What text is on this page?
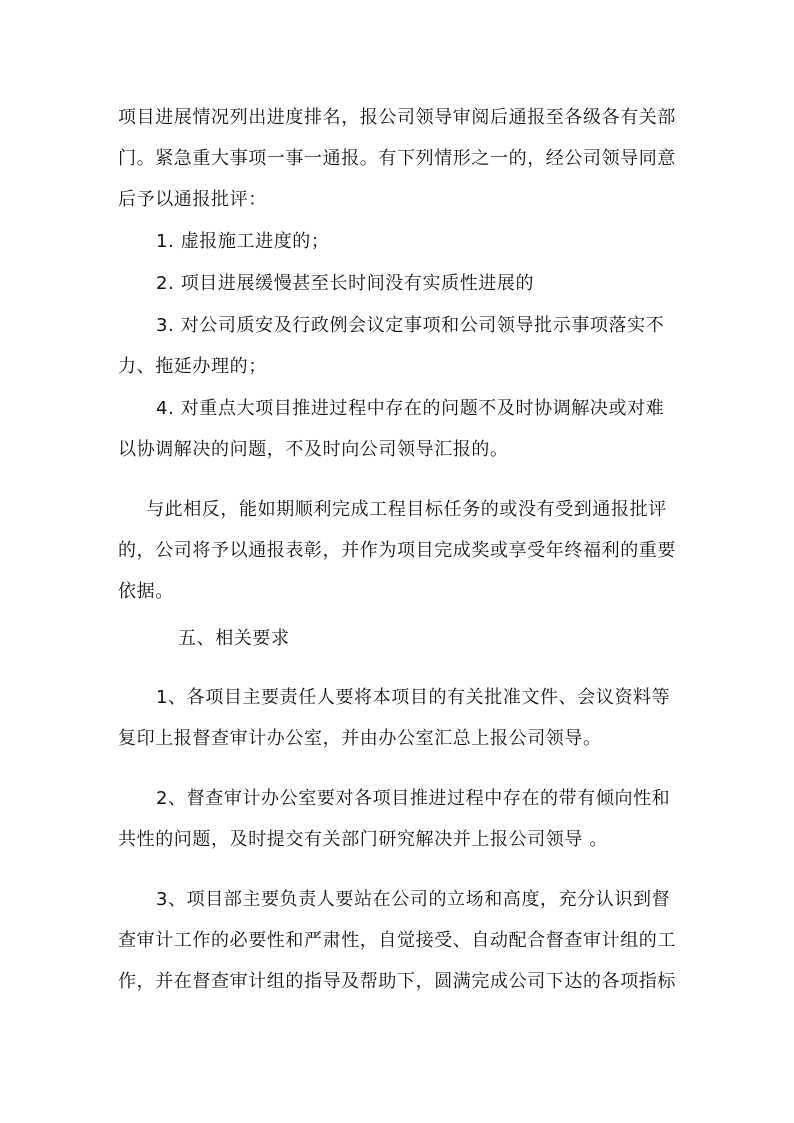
项目进展情况列出进度排名，报公司领导审阅后通报至各级各有关部
门。紧急重大事项一事一通报。有下列情形之一的，经公司领导同意
后予以通报批评：
1. 虚报施工进度的；
2. 项目进展缓慢甚至长时间没有实质性进展的
3. 对公司质安及行政例会议定事项和公司领导批示事项落实不
力、拖延办理的；
4. 对重点大项目推进过程中存在的问题不及时协调解决或对难
以协调解决的问题，不及时向公司领导汇报的。
与此相反，能如期顺利完成工程目标任务的或没有受到通报批评
的，公司将予以通报表彰，并作为项目完成奖或享受年终福利的重要
依据。
五、相关要求
1、各项目主要责任人要将本项目的有关批准文件、会议资料等
复印上报督查审计办公室，并由办公室汇总上报公司领导。
2、督查审计办公室要对各项目推进过程中存在的带有倾向性和
共性的问题，及时提交有关部门研究解决并上报公司领导 。
3、项目部主要负责人要站在公司的立场和高度，充分认识到督
查审计工作的必要性和严肃性，自觉接受、自动配合督查审计组的工
作，并在督查审计组的指导及帮助下，圆满完成公司下达的各项指标
